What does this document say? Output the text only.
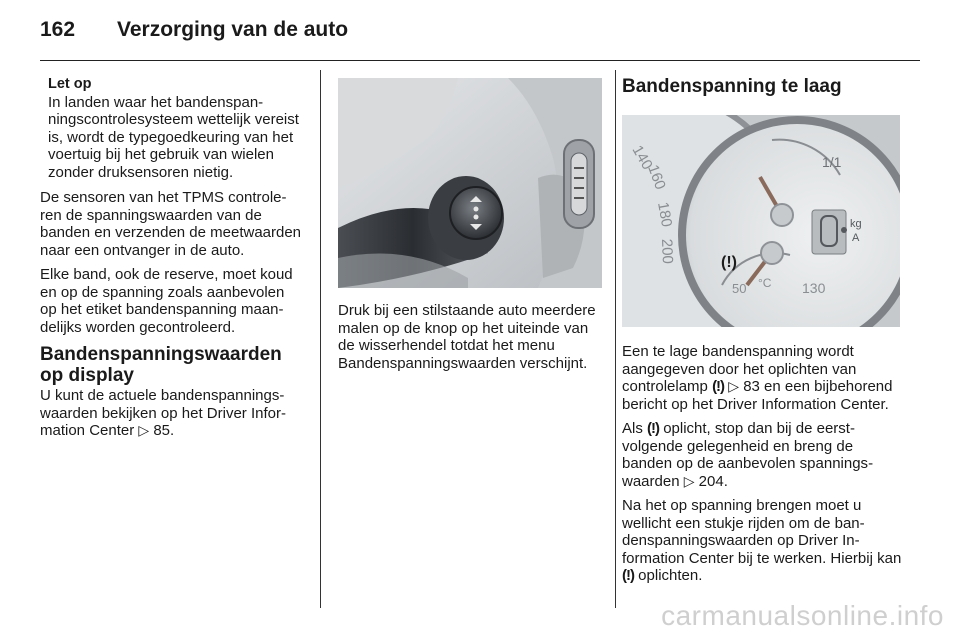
162	Verzorging van de auto
Let op
In landen waar het bandenspanningscontrolesysteem wettelijk vereist is, wordt de typegoedkeuring van het voertuig bij het gebruik van wielen zonder druksensoren nietig.
De sensoren van het TPMS controleren de spanningswaarden van de banden en verzenden de meetwaarden naar een ontvanger in de auto.
Elke band, ook de reserve, moet koud en op de spanning zoals aanbevolen op het etiket bandenspanning maandelijks worden gecontroleerd.
Bandenspanningswaarden op display
U kunt de actuele bandenspanningswaarden bekijken op het Driver Information Center ▷ 85.
Druk bij een stilstaande auto meerdere malen op de knop op het uiteinde van de wisserhendel totdat het menu Bandenspanningswaarden verschijnt.
Bandenspanning te laag
140
160
180
200
1/1
50 °C 130
kg
A
(!)
Een te lage bandenspanning wordt aangegeven door het oplichten van controlelamp (!) ▷ 83 en een bijbehorend bericht op het Driver Information Center.
Als (!) oplicht, stop dan bij de eerstvolgende gelegenheid en breng de banden op de aanbevolen spanningswaarden ▷ 204.
Na het op spanning brengen moet u wellicht een stukje rijden om de bandenspanningswaarden op Driver Information Center bij te werken. Hierbij kan (!) oplichten.
carmanualsonline.info
